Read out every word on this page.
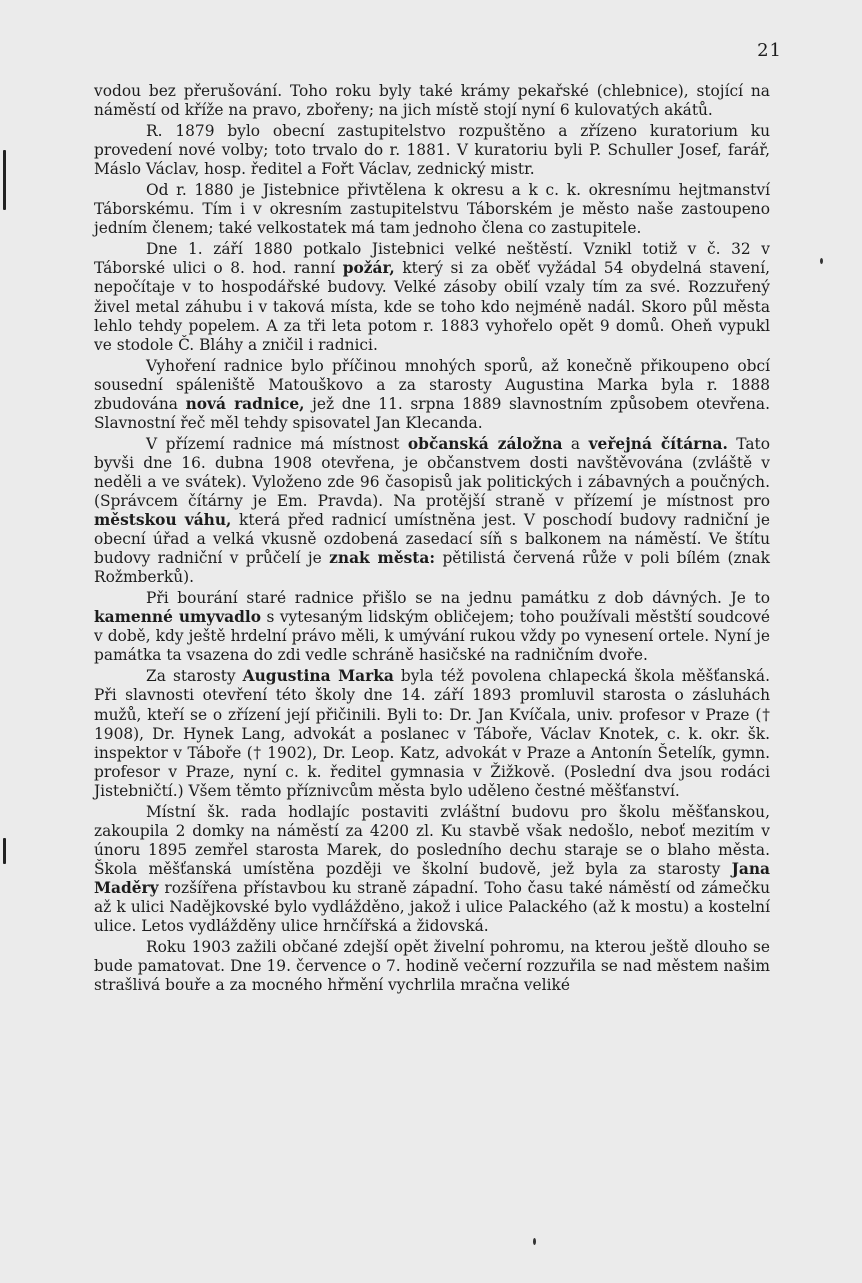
21

vodou bez přerušování. Toho roku byly také krámy pekařské (chlebnice), stojící na náměstí od kříže na pravo, zbořeny; na jich místě stojí nyní 6 kulovatých akátů.

R. 1879 bylo obecní zastupitelstvo rozpuštěno a zřízeno kuratorium ku provedení nové volby; toto trvalo do r. 1881. V kuratoriu byli P. Schuller Josef, farář, Máslo Václav, hosp. ředitel a Fořt Václav, zednický mistr.

Od r. 1880 je Jistebnice přivtělena k okresu a k c. k. okresnímu hejtmanství Táborskému. Tím i v okresním zastupitelstvu Táborském je město naše zastoupeno jedním členem; také velkostatek má tam jednoho člena co zastupitele.

Dne 1. září 1880 potkalo Jistebnici velké neštěstí. Vznikl totiž v č. 32 v Táborské ulici o 8. hod. ranní požár, který si za oběť vyžádal 54 obydelná stavení, nepočítaje v to hospodářské budovy. Velké zásoby obilí vzaly tím za své. Rozzuřený živel metal záhubu i v taková místa, kde se toho kdo nejméně nadál. Skoro půl města lehlo tehdy popelem. A za tři leta potom r. 1883 vyhořelo opět 9 domů. Oheň vypukl ve stodole Č. Bláhy a zničil i radnici.

Vyhoření radnice bylo příčinou mnohých sporů, až konečně přikoupeno obcí sousední spáleniště Matouškovo a za starosty Augustina Marka byla r. 1888 zbudována nová radnice, jež dne 11. srpna 1889 slavnostním způsobem otevřena. Slavnostní řeč měl tehdy spisovatel Jan Klecanda.

V přízemí radnice má místnost občanská záložna a veřejná čítárna. Tato byvši dne 16. dubna 1908 otevřena, je občanstvem dosti navštěvována (zvláště v neděli a ve svátek). Vyloženo zde 96 časopisů jak politických i zábavných a poučných. (Správcem čítárny je Em. Pravda). Na protější straně v přízemí je místnost pro městskou váhu, která před radnicí umístněna jest. V poschodí budovy radniční je obecní úřad a velká vkusně ozdobená zasedací síň s balkonem na náměstí. Ve štítu budovy radniční v průčelí je znak města: pětilistá červená růže v poli bílém (znak Rožmberků).

Při bourání staré radnice přišlo se na jednu památku z dob dávných. Je to kamenné umyvadlo s vytesaným lidským obličejem; toho používali městští soudcové v době, kdy ještě hrdelní právo měli, k umývání rukou vždy po vynesení ortele. Nyní je památka ta vsazena do zdi vedle schráně hasičské na radničním dvoře.

Za starosty Augustina Marka byla též povolena chlapecká škola měšťanská. Při slavnosti otevření této školy dne 14. září 1893 promluvil starosta o zásluhách mužů, kteří se o zřízení její přičinili. Byli to: Dr. Jan Kvíčala, univ. profesor v Praze († 1908), Dr. Hynek Lang, advokát a poslanec v Táboře, Václav Knotek, c. k. okr. šk. inspektor v Táboře († 1902), Dr. Leop. Katz, advokát v Praze a Antonín Šetelík, gymn. profesor v Praze, nyní c. k. ředitel gymnasia v Žižkově. (Poslední dva jsou rodáci Jistebničtí.) Všem těmto příznivcům města bylo uděleno čestné měšťanství.

Místní šk. rada hodlajíc postaviti zvláštní budovu pro školu měšťanskou, zakoupila 2 domky na náměstí za 4200 zl. Ku stavbě však nedošlo, neboť mezitím v únoru 1895 zemřel starosta Marek, do posledního dechu staraje se o blaho města. Škola měšťanská umístěna později ve školní budově, jež byla za starosty Jana Maděry rozšířena přístavbou ku straně západní. Toho času také náměstí od zámečku až k ulici Nadějkovské bylo vydlážděno, jakož i ulice Palackého (až k mostu) a kostelní ulice. Letos vydlážděny ulice hrnčířská a židovská.

Roku 1903 zažili občané zdejší opět živelní pohromu, na kterou ještě dlouho se bude pamatovat. Dne 19. července o 7. hodině večerní rozzuřila se nad městem našim strašlivá bouře a za mocného hřmění vychrlila mračna veliké
